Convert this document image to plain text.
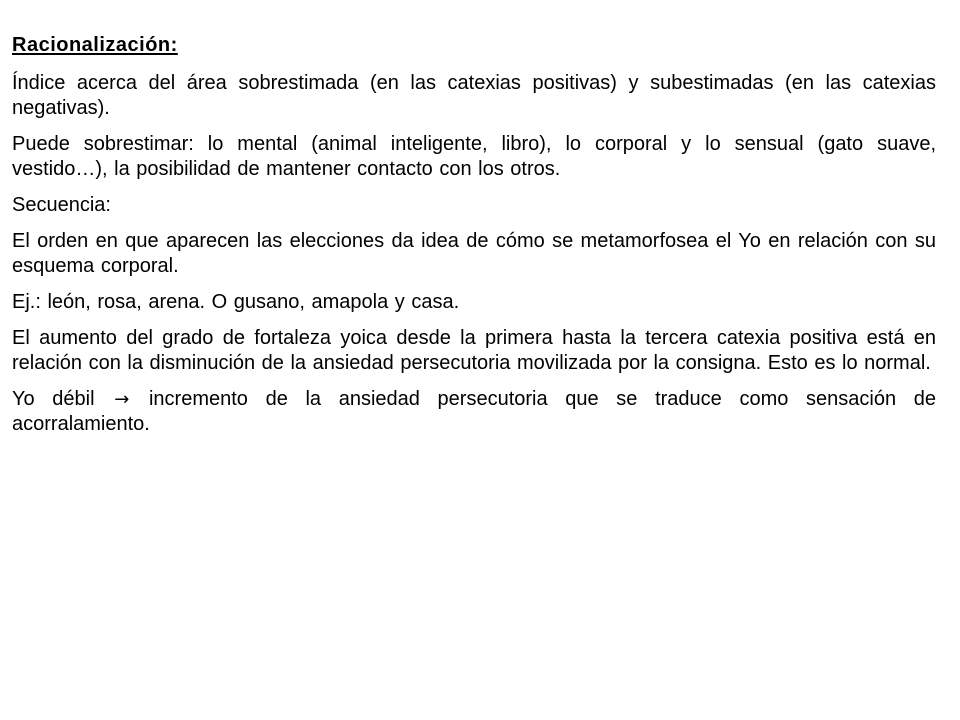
Racionalización:

Índice acerca del área sobrestimada (en las catexias positivas) y subestimadas (en las catexias negativas).

Puede sobrestimar: lo mental (animal inteligente, libro), lo corporal y lo sensual (gato suave, vestido…), la posibilidad de mantener contacto con los otros.

Secuencia:

El orden en que aparecen las elecciones da idea de cómo se metamorfosea el Yo en relación con su esquema corporal.

Ej.: león, rosa, arena. O gusano, amapola y casa.

El aumento del grado de fortaleza yoica desde la primera hasta la tercera catexia positiva está en relación con la disminución de la ansiedad persecutoria movilizada por la consigna. Esto es lo normal.

Yo débil → incremento de la ansiedad persecutoria que se traduce como sensación de acorralamiento.
